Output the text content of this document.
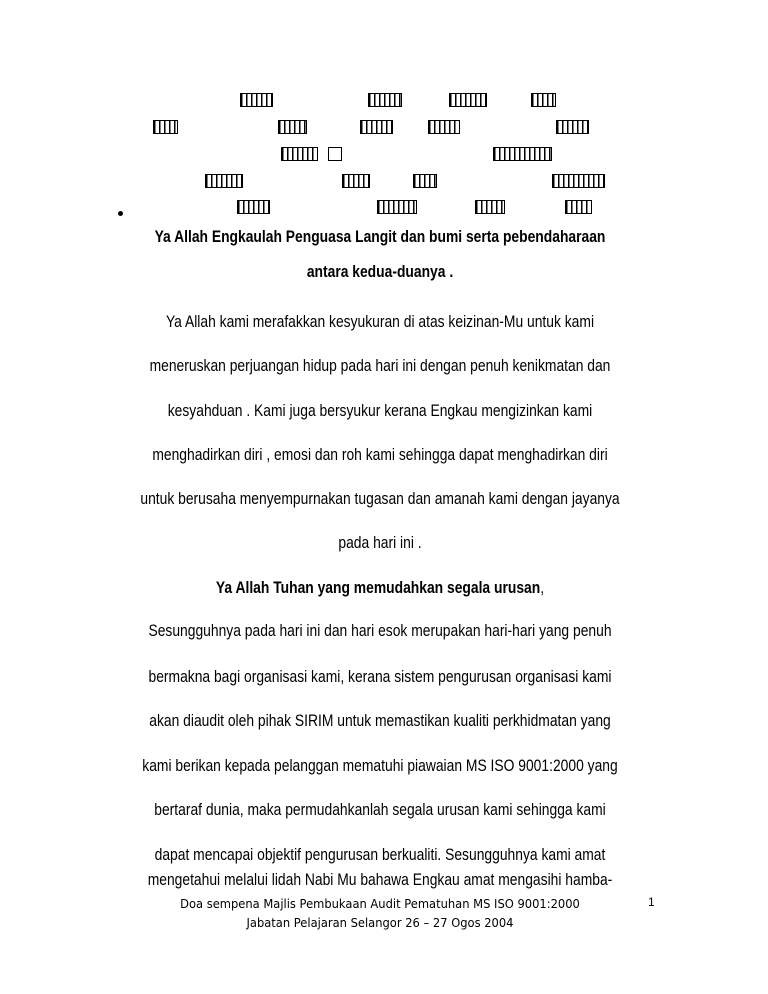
Ya Allah Engkaulah Penguasa Langit dan bumi serta pebendaharaan
antara kedua-duanya .
Ya Allah kami merafakkan kesyukuran di atas keizinan-Mu untuk kami
meneruskan perjuangan hidup pada hari ini dengan penuh kenikmatan dan
kesyahduan . Kami juga bersyukur kerana Engkau mengizinkan kami
menghadirkan diri , emosi dan roh kami sehingga dapat menghadirkan diri
untuk berusaha menyempurnakan tugasan dan amanah kami dengan jayanya
pada hari ini .
Ya Allah Tuhan yang memudahkan segala urusan,
Sesungguhnya pada hari ini dan hari esok merupakan hari-hari yang penuh
bermakna bagi organisasi kami, kerana sistem pengurusan organisasi kami
akan diaudit oleh pihak SIRIM untuk memastikan kualiti perkhidmatan yang
kami berikan kepada pelanggan mematuhi piawaian MS ISO 9001:2000 yang
bertaraf dunia, maka permudahkanlah segala urusan kami sehingga kami
dapat mencapai objektif pengurusan berkualiti. Sesungguhnya kami amat
mengetahui melalui lidah Nabi Mu bahawa Engkau amat mengasihi hamba-
Doa sempena Majlis Pembukaan Audit Pematuhan MS ISO 9001:2000
Jabatan Pelajaran Selangor 26 – 27 Ogos 2004
1
